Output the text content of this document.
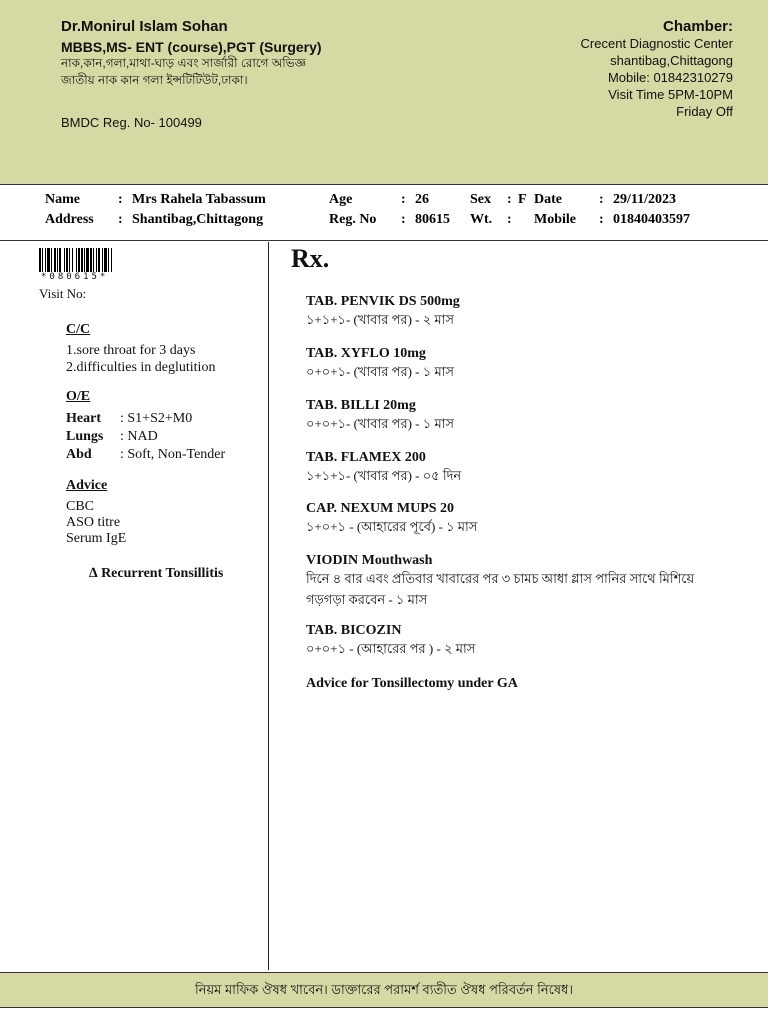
Dr.Monirul Islam Sohan
MBBS,MS- ENT (course),PGT (Surgery)
নাক,কান,গলা,মাথা-ঘাড় এবং সার্জারী রোগে অভিজ্ঞ
জাতীয় নাক কান গলা ইন্সটিটিউট,ঢাকা।
BMDC Reg. No- 100499
Chamber:
Crecent Diagnostic Center
shantibag,Chittagong
Mobile: 01842310279
Visit Time 5PM-10PM
Friday Off
Name	: Mrs Rahela Tabassum
Address : Shantibag,Chittagong
Age	: 26
Reg. No : 80615
Sex : F
Wt. :
Date	: 29/11/2023
Mobile : 01840403597
*080615*
Visit No:
C/C
1.sore throat for 3 days
2.difficulties in deglutition
O/E
Heart : S1+S2+M0
Lungs : NAD
Abd : Soft, Non-Tender
Advice
CBC
ASO titre
Serum IgE
∆ Recurrent Tonsillitis
Rx.
TAB. PENVIK DS 500mg
১+১+১- (খাবার পর) - ২ মাস
TAB. XYFLO 10mg
০+০+১- (খাবার পর) - ১ মাস
TAB. BILLI 20mg
০+০+১- (খাবার পর) - ১ মাস
TAB. FLAMEX 200
১+১+১- (খাবার পর) - ০৫ দিন
CAP. NEXUM MUPS 20
১+০+১ - (আহারের পূর্বে) - ১ মাস
VIODIN Mouthwash
দিনে ৪ বার এবং প্রতিবার খাবারের পর ৩ চামচ আধা গ্লাস পানির সাথে মিশিয়ে গড়গড়া করবেন - ১ মাস
TAB. BICOZIN
০+০+১ - (আহারের পর ) - ২ মাস
Advice for Tonsillectomy under GA
নিয়ম মাফিক ঔষধ খাবেন। ডাক্তারের পরামর্শ ব্যতীত ঔষধ পরিবর্তন নিষেধ।
